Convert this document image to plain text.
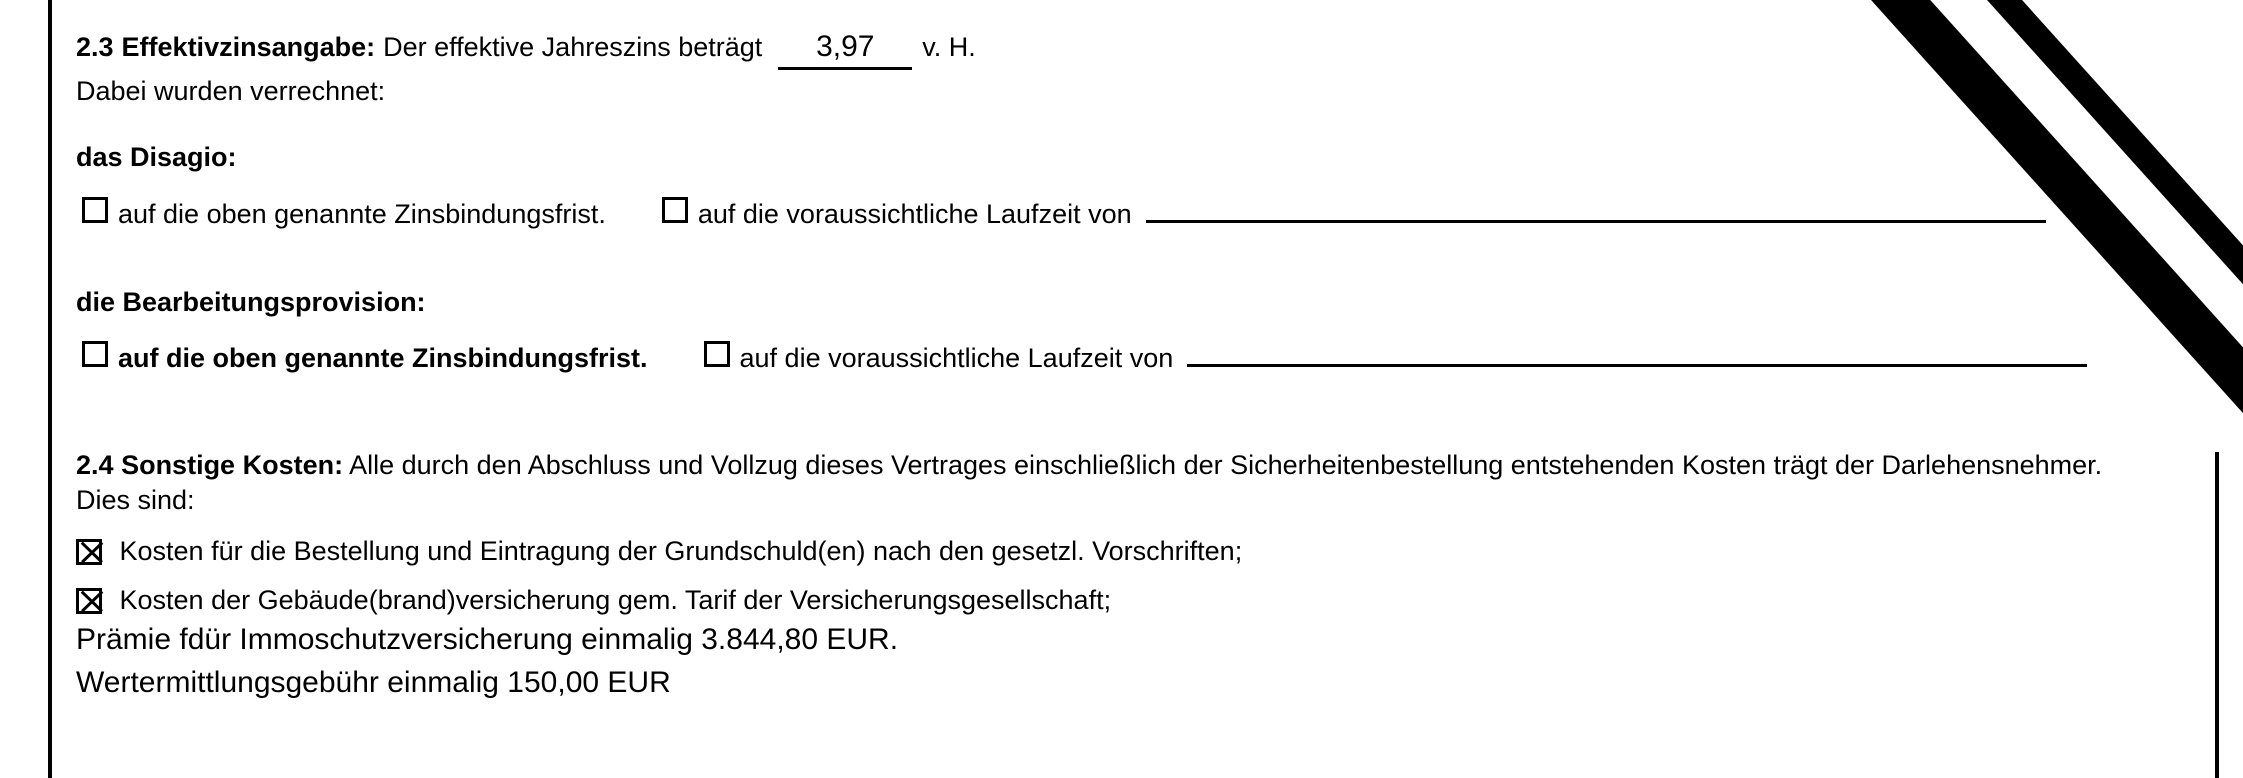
2.3 Effektivzinsangabe: Der effektive Jahreszins beträgt	3,97	v. H.
Dabei wurden verrechnet:
das Disagio:
auf die oben genannte Zinsbindungsfrist.	auf die voraussichtliche Laufzeit von
die Bearbeitungsprovision:
auf die oben genannte Zinsbindungsfrist.	auf die voraussichtliche Laufzeit von

2.4 Sonstige Kosten: Alle durch den Abschluss und Vollzug dieses Vertrages einschließlich der Sicherheitenbestellung entstehenden Kosten trägt der Darlehensnehmer. Dies sind:

Kosten für die Bestellung und Eintragung der Grundschuld(en) nach den gesetzl. Vorschriften;
Kosten der Gebäude(brand)versicherung gem. Tarif der Versicherungsgesellschaft;
Prämie fdür Immoschutzversicherung einmalig 3.844,80 EUR.
Wertermittlungsgebühr einmalig 150,00 EUR
